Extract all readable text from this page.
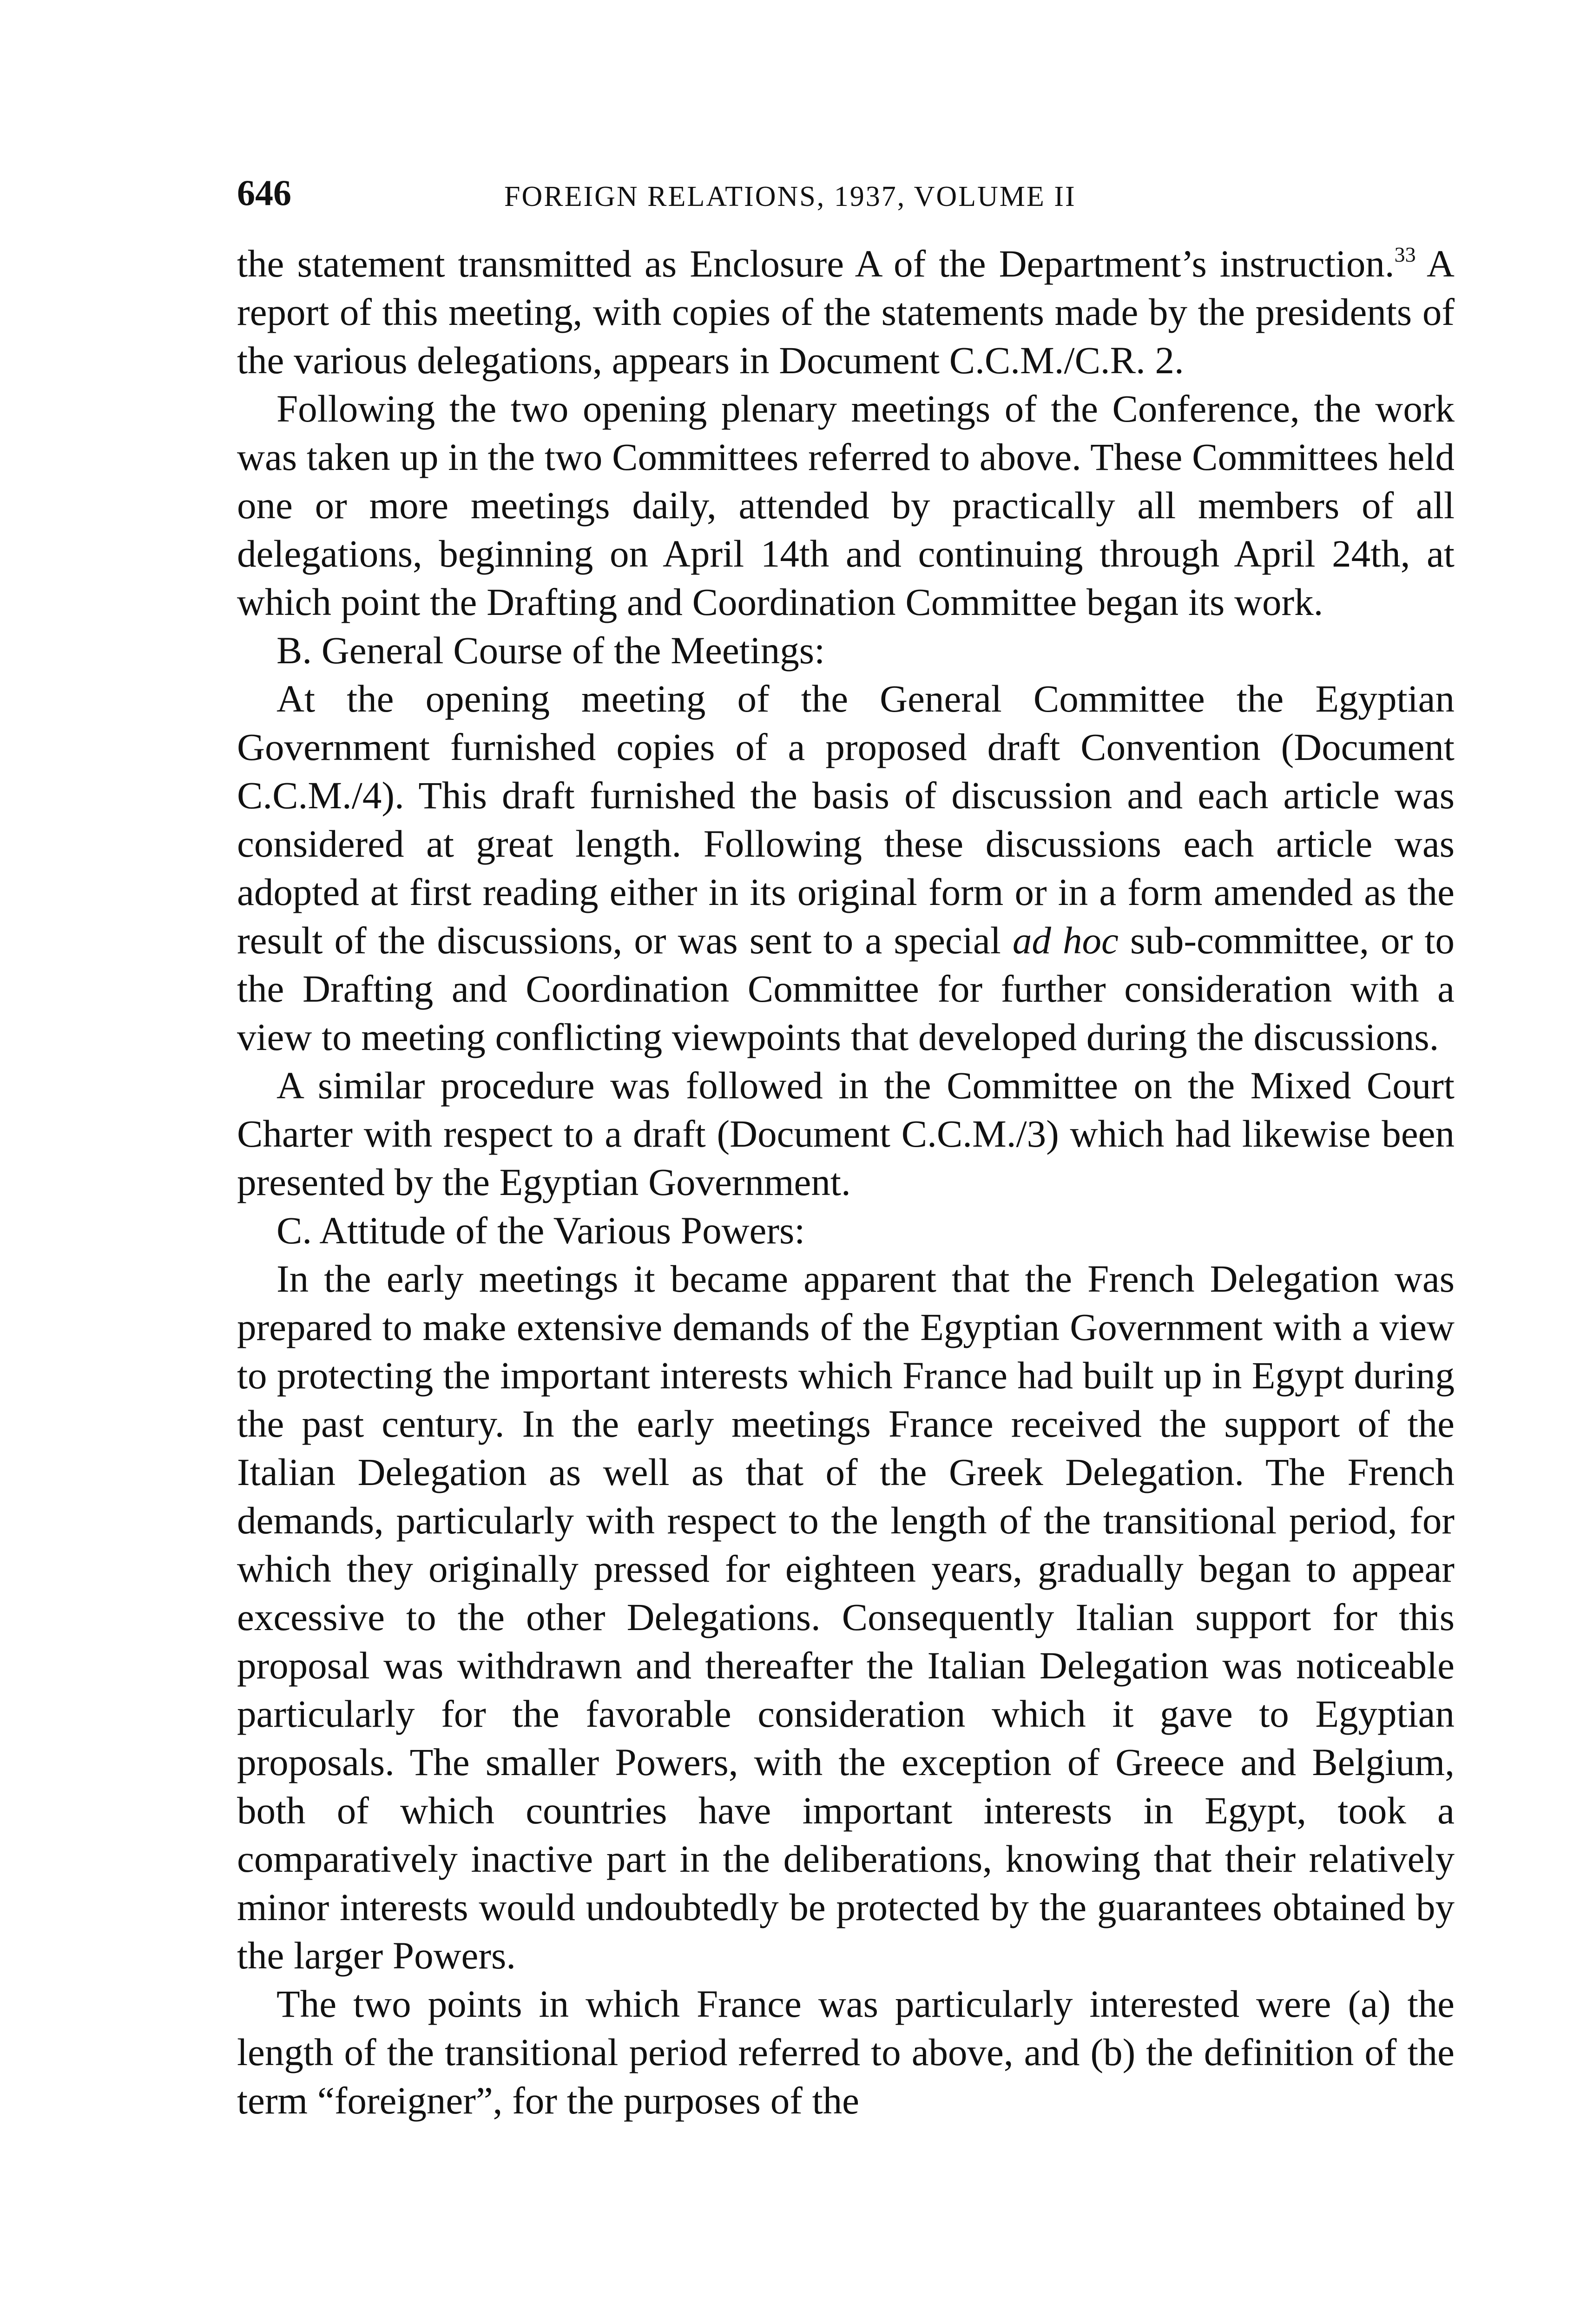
646	FOREIGN RELATIONS, 1937, VOLUME II

the statement transmitted as Enclosure A of the Department’s instruction.$^{33}$ A report of this meeting, with copies of the statements made by the presidents of the various delegations, appears in Document C.C.M./C.R. 2.

Following the two opening plenary meetings of the Conference, the work was taken up in the two Committees referred to above. These Committees held one or more meetings daily, attended by practically all members of all delegations, beginning on April 14th and continuing through April 24th, at which point the Drafting and Coordination Committee began its work.

B. General Course of the Meetings:

At the opening meeting of the General Committee the Egyptian Government furnished copies of a proposed draft Convention (Document C.C.M./4). This draft furnished the basis of discussion and each article was considered at great length. Following these discussions each article was adopted at first reading either in its original form or in a form amended as the result of the discussions, or was sent to a special ad hoc sub-committee, or to the Drafting and Coordination Committee for further consideration with a view to meeting conflicting viewpoints that developed during the discussions.

A similar procedure was followed in the Committee on the Mixed Court Charter with respect to a draft (Document C.C.M./3) which had likewise been presented by the Egyptian Government.

C. Attitude of the Various Powers:

In the early meetings it became apparent that the French Delegation was prepared to make extensive demands of the Egyptian Government with a view to protecting the important interests which France had built up in Egypt during the past century. In the early meetings France received the support of the Italian Delegation as well as that of the Greek Delegation. The French demands, particularly with respect to the length of the transitional period, for which they originally pressed for eighteen years, gradually began to appear excessive to the other Delegations. Consequently Italian support for this proposal was withdrawn and thereafter the Italian Delegation was noticeable particularly for the favorable consideration which it gave to Egyptian proposals. The smaller Powers, with the exception of Greece and Belgium, both of which countries have important interests in Egypt, took a comparatively inactive part in the deliberations, knowing that their relatively minor interests would undoubtedly be protected by the guarantees obtained by the larger Powers.

The two points in which France was particularly interested were (a) the length of the transitional period referred to above, and (b) the definition of the term “foreigner”, for the purposes of the
